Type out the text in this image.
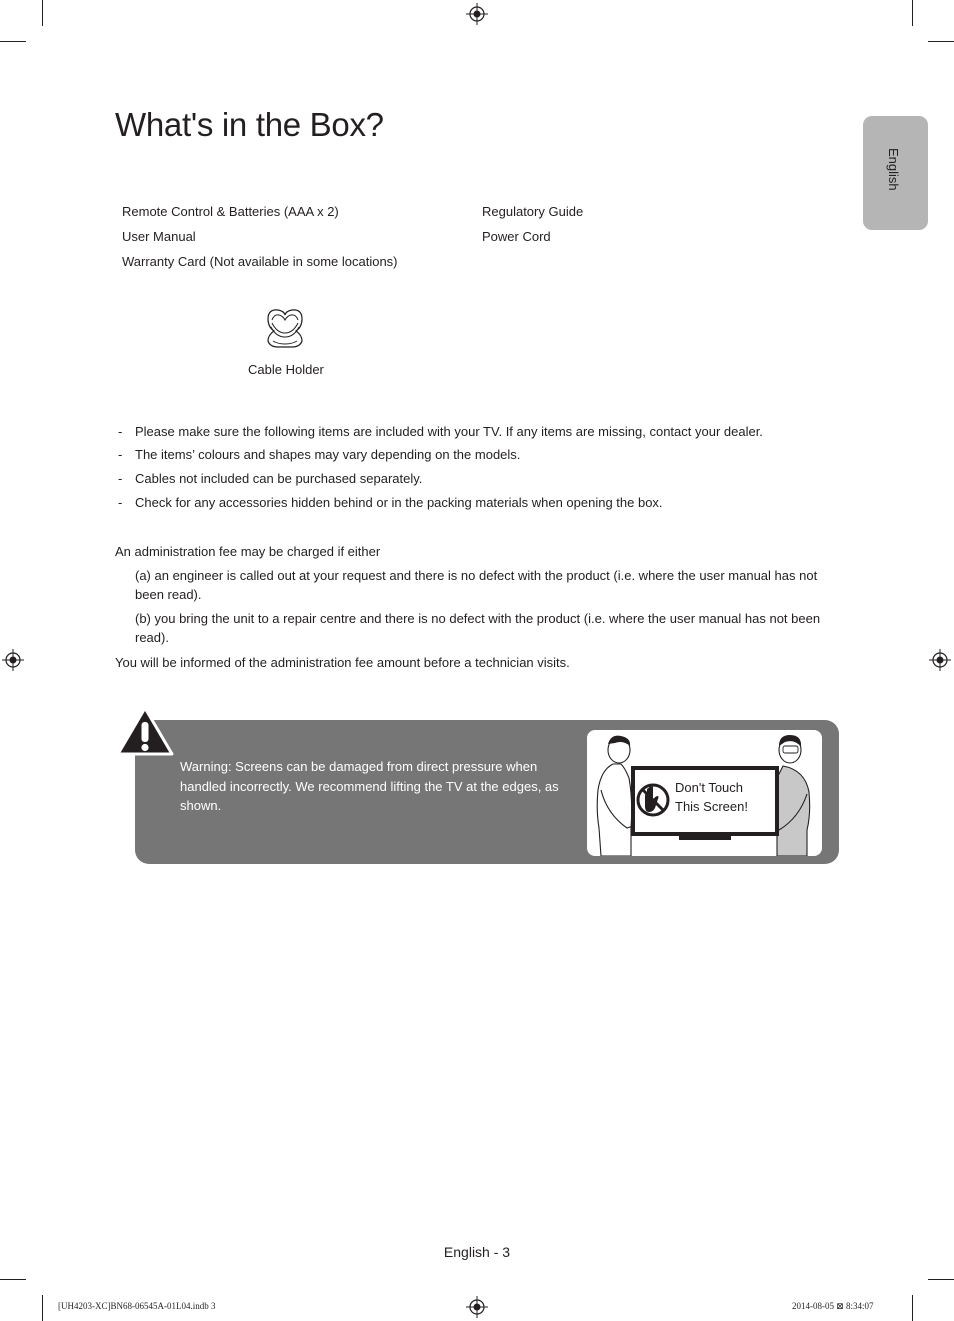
What's in the Box?
English
Remote Control & Batteries (AAA x 2)
User Manual
Warranty Card (Not available in some locations)
Regulatory Guide
Power Cord
Cable Holder
- Please make sure the following items are included with your TV. If any items are missing, contact your dealer.
- The items’ colours and shapes may vary depending on the models.
- Cables not included can be purchased separately.
- Check for any accessories hidden behind or in the packing materials when opening the box.
An administration fee may be charged if either
(a) an engineer is called out at your request and there is no defect with the product (i.e. where the user manual has not been read).
(b) you bring the unit to a repair centre and there is no defect with the product (i.e. where the user manual has not been read).
You will be informed of the administration fee amount before a technician visits.
Warning: Screens can be damaged from direct pressure when handled incorrectly. We recommend lifting the TV at the edges, as shown.
Don't Touch
This Screen!
English - 3
[UH4203-XC]BN68-06545A-01L04.indb 3	2014-08-05 ⊠ 8:34:07
